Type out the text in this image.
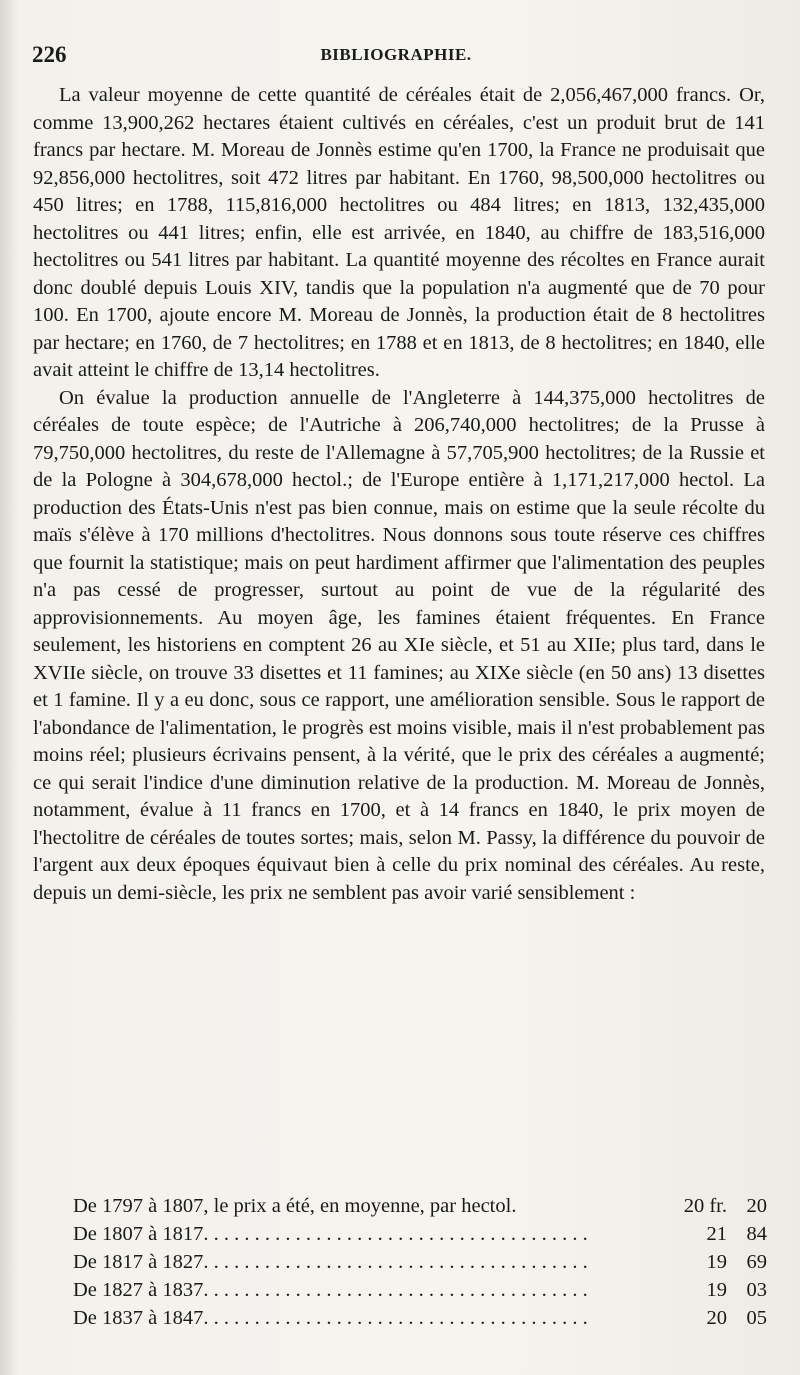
226	BIBLIOGRAPHIE.

La valeur moyenne de cette quantité de céréales était de 2,056,467,000 francs. Or, comme 13,900,262 hectares étaient cultivés en céréales, c'est un produit brut de 141 francs par hectare. M. Moreau de Jonnès estime qu'en 1700, la France ne produisait que 92,856,000 hectolitres, soit 472 litres par habitant. En 1760, 98,500,000 hectolitres ou 450 litres; en 1788, 115,816,000 hectolitres ou 484 litres; en 1813, 132,435,000 hectolitres ou 441 litres; enfin, elle est arrivée, en 1840, au chiffre de 183,516,000 hectolitres ou 541 litres par habitant. La quantité moyenne des récoltes en France aurait donc doublé depuis Louis XIV, tandis que la population n'a augmenté que de 70 pour 100. En 1700, ajoute encore M. Moreau de Jonnès, la production était de 8 hectolitres par hectare; en 1760, de 7 hectolitres; en 1788 et en 1813, de 8 hectolitres; en 1840, elle avait atteint le chiffre de 13,14 hectolitres.

On évalue la production annuelle de l'Angleterre à 144,375,000 hectolitres de céréales de toute espèce; de l'Autriche à 206,740,000 hectolitres; de la Prusse à 79,750,000 hectolitres, du reste de l'Allemagne à 57,705,900 hectolitres; de la Russie et de la Pologne à 304,678,000 hectol.; de l'Europe entière à 1,171,217,000 hectol. La production des États-Unis n'est pas bien connue, mais on estime que la seule récolte du maïs s'élève à 170 millions d'hectolitres. Nous donnons sous toute réserve ces chiffres que fournit la statistique; mais on peut hardiment affirmer que l'alimentation des peuples n'a pas cessé de progresser, surtout au point de vue de la régularité des approvisionnements. Au moyen âge, les famines étaient fréquentes. En France seulement, les historiens en comptent 26 au XIe siècle, et 51 au XIIe; plus tard, dans le XVIIe siècle, on trouve 33 disettes et 11 famines; au XIXe siècle (en 50 ans) 13 disettes et 1 famine. Il y a eu donc, sous ce rapport, une amélioration sensible. Sous le rapport de l'abondance de l'alimentation, le progrès est moins visible, mais il n'est probablement pas moins réel; plusieurs écrivains pensent, à la vérité, que le prix des céréales a augmenté; ce qui serait l'indice d'une diminution relative de la production. M. Moreau de Jonnès, notamment, évalue à 11 francs en 1700, et à 14 francs en 1840, le prix moyen de l'hectolitre de céréales de toutes sortes; mais, selon M. Passy, la différence du pouvoir de l'argent aux deux époques équivaut bien à celle du prix nominal des céréales. Au reste, depuis un demi-siècle, les prix ne semblent pas avoir varié sensiblement :

De 1797 à 1807, le prix a été, en moyenne, par hectol.	20 fr. 20
De 1807 à 1817. . . . . . . . . . . . . . . . . . . . . . . . . . . . . . . . . . . . . .	21 84
De 1817 à 1827. . . . . . . . . . . . . . . . . . . . . . . . . . . . . . . . . . . . . .	19 69
De 1827 à 1837. . . . . . . . . . . . . . . . . . . . . . . . . . . . . . . . . . . . . .	19 03
De 1837 à 1847. . . . . . . . . . . . . . . . . . . . . . . . . . . . . . . . . . . . . .	20 05
